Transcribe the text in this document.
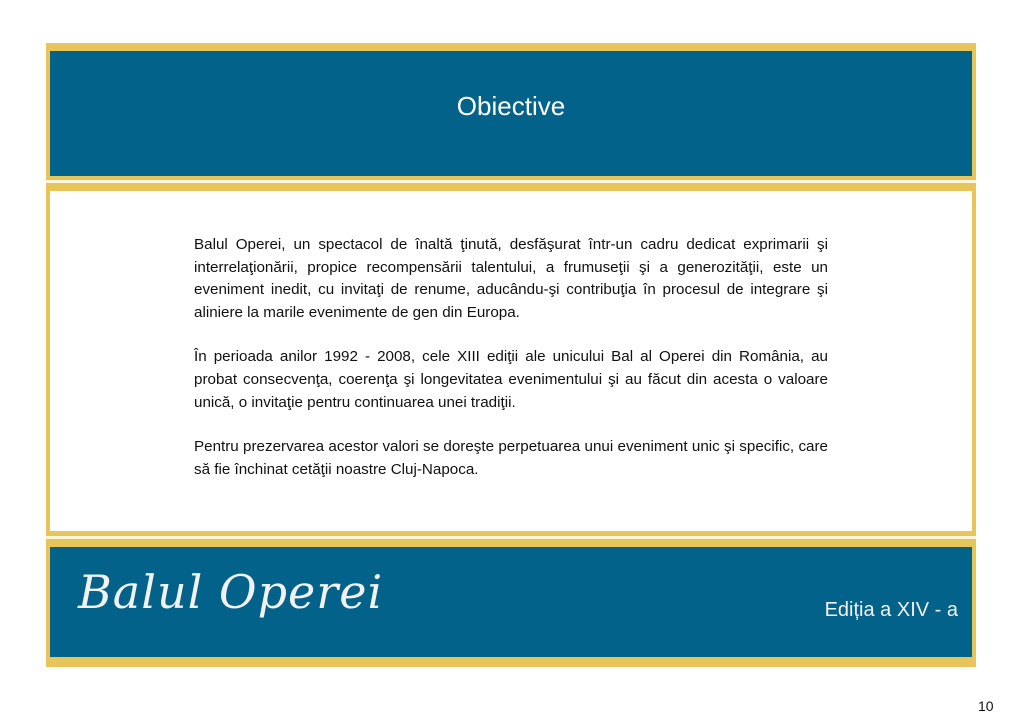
Obiective

Balul Operei, un spectacol de înaltă ţinută, desfăşurat într-un cadru dedicat exprimarii şi interrelaţionării, propice recompensării talentului, a frumuseţii şi a generozităţii, este un eveniment inedit, cu invitaţi de renume, aducându-şi contribuţia în procesul de integrare şi aliniere la marile evenimente de gen din Europa.

În perioada anilor 1992 - 2008, cele XIII ediţii ale unicului Bal al Operei din România, au probat consecvenţa, coerenţa şi longevitatea evenimentului şi au făcut din acesta o valoare unică, o invitaţie pentru continuarea unei tradiţii.

Pentru prezervarea acestor valori se doreşte perpetuarea unui eveniment unic şi specific, care să fie închinat cetăţii noastre Cluj-Napoca.

Balul Operei	Ediția a XIV - a
10
